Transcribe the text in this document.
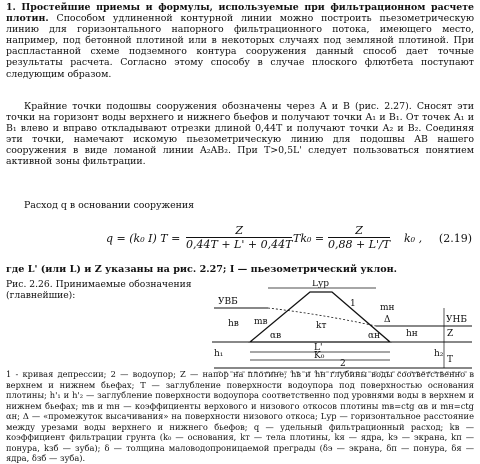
1. Простейшие приемы и формулы, используемые при фильтрационном расчете плотин. Способом удлиненной контурной линии можно построить пьезометрическую линию для горизонтального напорного фильтрационного потока, имеющего место, например, под бетонной плотиной или в некоторых случаях под земляной плотиной. При распластанной схеме подземного контура сооружения данный способ дает точные результаты расчета. Согласно этому способу в случае плоского флютбета поступают следующим образом.

Крайние точки подошвы сооружения обозначены через A и B (рис. 2.27). Сносят эти точки на горизонт воды верхнего и нижнего бьефов и получают точки A₁ и B₁. От точек A₁ и B₁ влево и вправо откладывают отрезки длиной 0,44T и получают точки A₂ и B₂. Соединяя эти точки, намечают искомую пьезометрическую линию для подошвы AB нашего сооружения в виде ломаной линии A₂AB₂. При T>0,5L' следует пользоваться понятием активной зоны фильтрации.

Расход q в основании сооружения

q = (k₀ I) $T = \frac{Z}{0,44T + L' + 0,44T} Tk_0 = \frac{Z}{0,88 + L'/T} k_0$ , (2.19)
где L' (или L) и Z указаны на рис. 2.27; I — пьезометрический уклон.
Рис. 2.26. Принимаемые обозначения (главнейшие):
1 - кривая депрессии; 2 — водоупор; Z — напор на плотине; hв и hн глубины воды соответственно в верхнем и нижнем бьефах; T — заглубление поверхности водоупора под поверхностью основания плотины; h'₁ и h'₂ — заглубление поверхности водоупора соответственно под уровнями воды в верхнем и нижнем бьефах; mв и mн — коэффициенты верхового и низового откосов плотины mв=ctg αв и mн=ctg αн; Δ — «промежуток высачивания» на поверхности низового откоса; Lур — горизонтальное расстояние между урезами воды верхнего и нижнего бьефов; q — удельный фильтрационный расход; kв — коэффициент фильтрации грунта (k₀ — основания, kт — тела плотины, kя — ядра, kэ — экрана, kп — понура, kзб — зуба); δ — толщина маловодопроницаемой преграды (δэ — экрана, δп — понура, δя — ядра, δзб — зуба).
УВБ
УНБ
Lур
hв
hн
mв
mн
αв	αн
kт
L'
K₀
Z
T
h₁	h₂
1
2
Δ
